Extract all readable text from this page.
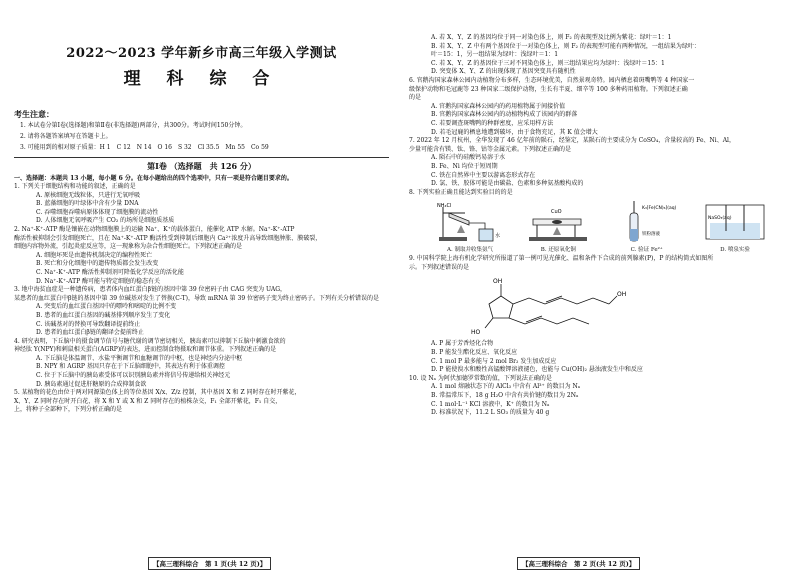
2022～2023 学年新乡市高三年级入学测试
理 科 综 合
考生注意：
1. 本试卷分第Ⅰ卷(选择题)和第Ⅱ卷(非选择题)两部分，共300分。考试时间150分钟。
2. 请将各题答案填写在答题卡上。
3. 可能用到的相对原子质量：H 1　C 12　N 14　O 16　S 32　Cl 35.5　Mn 55　Co 59
第Ⅰ卷 （选择题　共 126 分）
一、选择题：本题共 13 小题，每小题 6 分。在每小题给出的四个选项中，只有一项是符合题目要求的。
1. 下列关于细胞结构和功能的叙述，正确的是
A. 原核细胞无线粒体，只进行无氧呼吸
B. 蓝藻细胞的叶绿体中含有少量 DNA
C. 吞噬细胞吞噬病原体体现了细胞膜的流动性
D. 人体细胞无氧呼吸产生 CO₂ 的场所是细胞质基质
2. Na⁺-K⁺-ATP 酶是镶嵌在动物细胞膜上的运输 Na⁺、K⁺的载体蛋白，能催化 ATP 水解。Na⁺-K⁺-ATP
酶活性被抑制会引发细胞死亡，且在 Na⁺-K⁺-ATP 酶活性受到抑制后细胞内 Ca²⁺浓度升高导致细胞肿胀、膜破裂，
细胞内容物外流，引起炎症反应等，这一现象称为杂合性细胞死亡。下列叙述正确的是
A. 细胞坏死是由遗传机制决定的编程性死亡
B. 死亡和分化细胞中的遗传物质都会发生改变
C. Na⁺-K⁺-ATP 酶活性抑制剂可降低化学反应的活化能
D. Na⁺-K⁺-ATP 酶可能与特定细胞的稳态有关
3. 地中海贫血症是一种遗传病，患者体内血红蛋白β链的基因中第 39 位密码子由 CAG 突变为 UAG，
某患者的血红蛋白中β链的基因中第 39 位碱基对发生了替换(C-T)，导致 mRNA 第 39 位密码子变为终止密码子。下列有关分析错误的是
A. 突变后的血红蛋白基因中的嘌呤和嘧啶的比例不变
B. 患者的血红蛋白基因的碱基排列顺序发生了变化
C. 该碱基对的替换可导致翻译提前终止
D. 患者的血红蛋白β链的翻译会提前终止
4. 研究表明，下丘脑中的摄食调节信号与糖代谢的调节密切相关，胰岛素可以抑制下丘脑中刺激食欲的
神经肽 Y(NPY)和刺鼠相关蛋白(AGRP)的表达，进而控制食物摄取和调节体重。下列叙述正确的是
A. 下丘脑是体温调节、水盐平衡调节和血糖调节的中枢，也是神经内分泌中枢
B. NPY 和 AGRP 基因只存在于下丘脑细胞中，其表达有利于体重调控
C. 位于下丘脑中的胰岛素受体可以识别胰岛素并将信号传递给相关神经元
D. 胰岛素通过促进肝糖原的合成抑制食欲
5. 某植物的花色由位于两对同源染色体上的等位基因 X/x、Z/z 控制，其中基因 X 和 Z 同时存在时开紫花，
X、Y、Z 同时存在时开白花，将 X 和 Y 或 X 和 Z 同时存在的植株杂交，F₁ 全部开紫花，F₁ 自交，
上，将种子全部种下，下列分析正确的是
【高三理科综合　第 1 页(共 12 页)】
A. 若 X、Y、Z 的基因均位于同一对染色体上，则 F₂ 的表现型及比例为紫花：绿叶＝1：1
B. 若 X、Y、Z 中有两个基因位于一对染色体上，则 F₂ 的表现型可能有两种情况，一组结果为绿叶：
叶＝15：1，另一组结果为绿叶：浅绿叶＝1：1
C. 若 X、Y、Z 的基因位于三对不同染色体上，则三组结果应均为绿叶：浅绿叶＝15：1
D. 突变体 X、Y、Z 的出现体现了基因突变具有随机性
6. 官鹅沟国家森林公园内动植物分布多样，生态环境优美，自然景观奇特。园内栖息着斑嘴鸭等 4 种国家一
级保护动物和毛冠鹿等 23 种国家二级保护动物，生长有半夏、细辛等 100 多种药用植物。下列叙述正确
的是
A. 官鹅沟国家森林公园内的药用植物属于间接价值
B. 官鹅沟国家森林公园内的动植物构成了该园内的群落
C. 若要调查斑嘴鸭的种群密度，应采用样方法
D. 若毛冠鹿的栖息地遭到破坏，由于食物充足，其 K 值会增大
7. 2022 年 12 月杭州，全华发现了 46 亿年前的陨石，经鉴定，某陨石的主要成分为 CoSO₄，含量较高的 Fe、Ni、Al，
少量可能含有镁、钛、铬、钴等金属元素。下列叙述正确的是
A. 陨石中的硅酸钙易溶于水
B. Fe、Ni 均位于短周期
C. 铁在自然界中主要以游离态形式存在
D. 氯、铁、胶体可能是由碳盐、色素和多种氨基酸构成的
8. 下列实验正确且能达到实验目的的是
NH₄Cl
水
A. 制取并收集氨气
CuO
B. 还原氧化铜
K₃[Fe(CN)₆](aq)
铁粉溶液
C. 验证 Fe²⁺
NaSO₃(aq)
D. 喷泉实验
9. 中国科学院上海有机化学研究所报道了第一例可见光催化、温和条件下合成的前列腺素(P)，P 的结构简式如图所
示。下列叙述错误的是
OH
OH
HO
A. P 属于芳香烃化合物
B. P 能发生酯化反应、氧化反应
C. 1 mol P 最多能与 2 mol Br₂ 发生加成反应
D. P 能使溴水和酸性高锰酸钾溶液褪色，也能与 Cu(OH)₂ 悬浊液发生中和反应
10. 设 Nₐ 为阿伏加德罗常数的值，下列说法正确的是
A. 1 mol 熔融状态下的 AlCl₃ 中含有 Al³⁺ 的数目为 Nₐ
B. 常温常压下，18 g H₂O 中含有共价键的数目为 2Nₐ
C. 1 mol·L⁻¹ KCl 溶液中，K⁺ 的数目为 Nₐ
D. 标准状况下，11.2 L SO₃ 的质量为 40 g
【高三理科综合　第 2 页(共 12 页)】
